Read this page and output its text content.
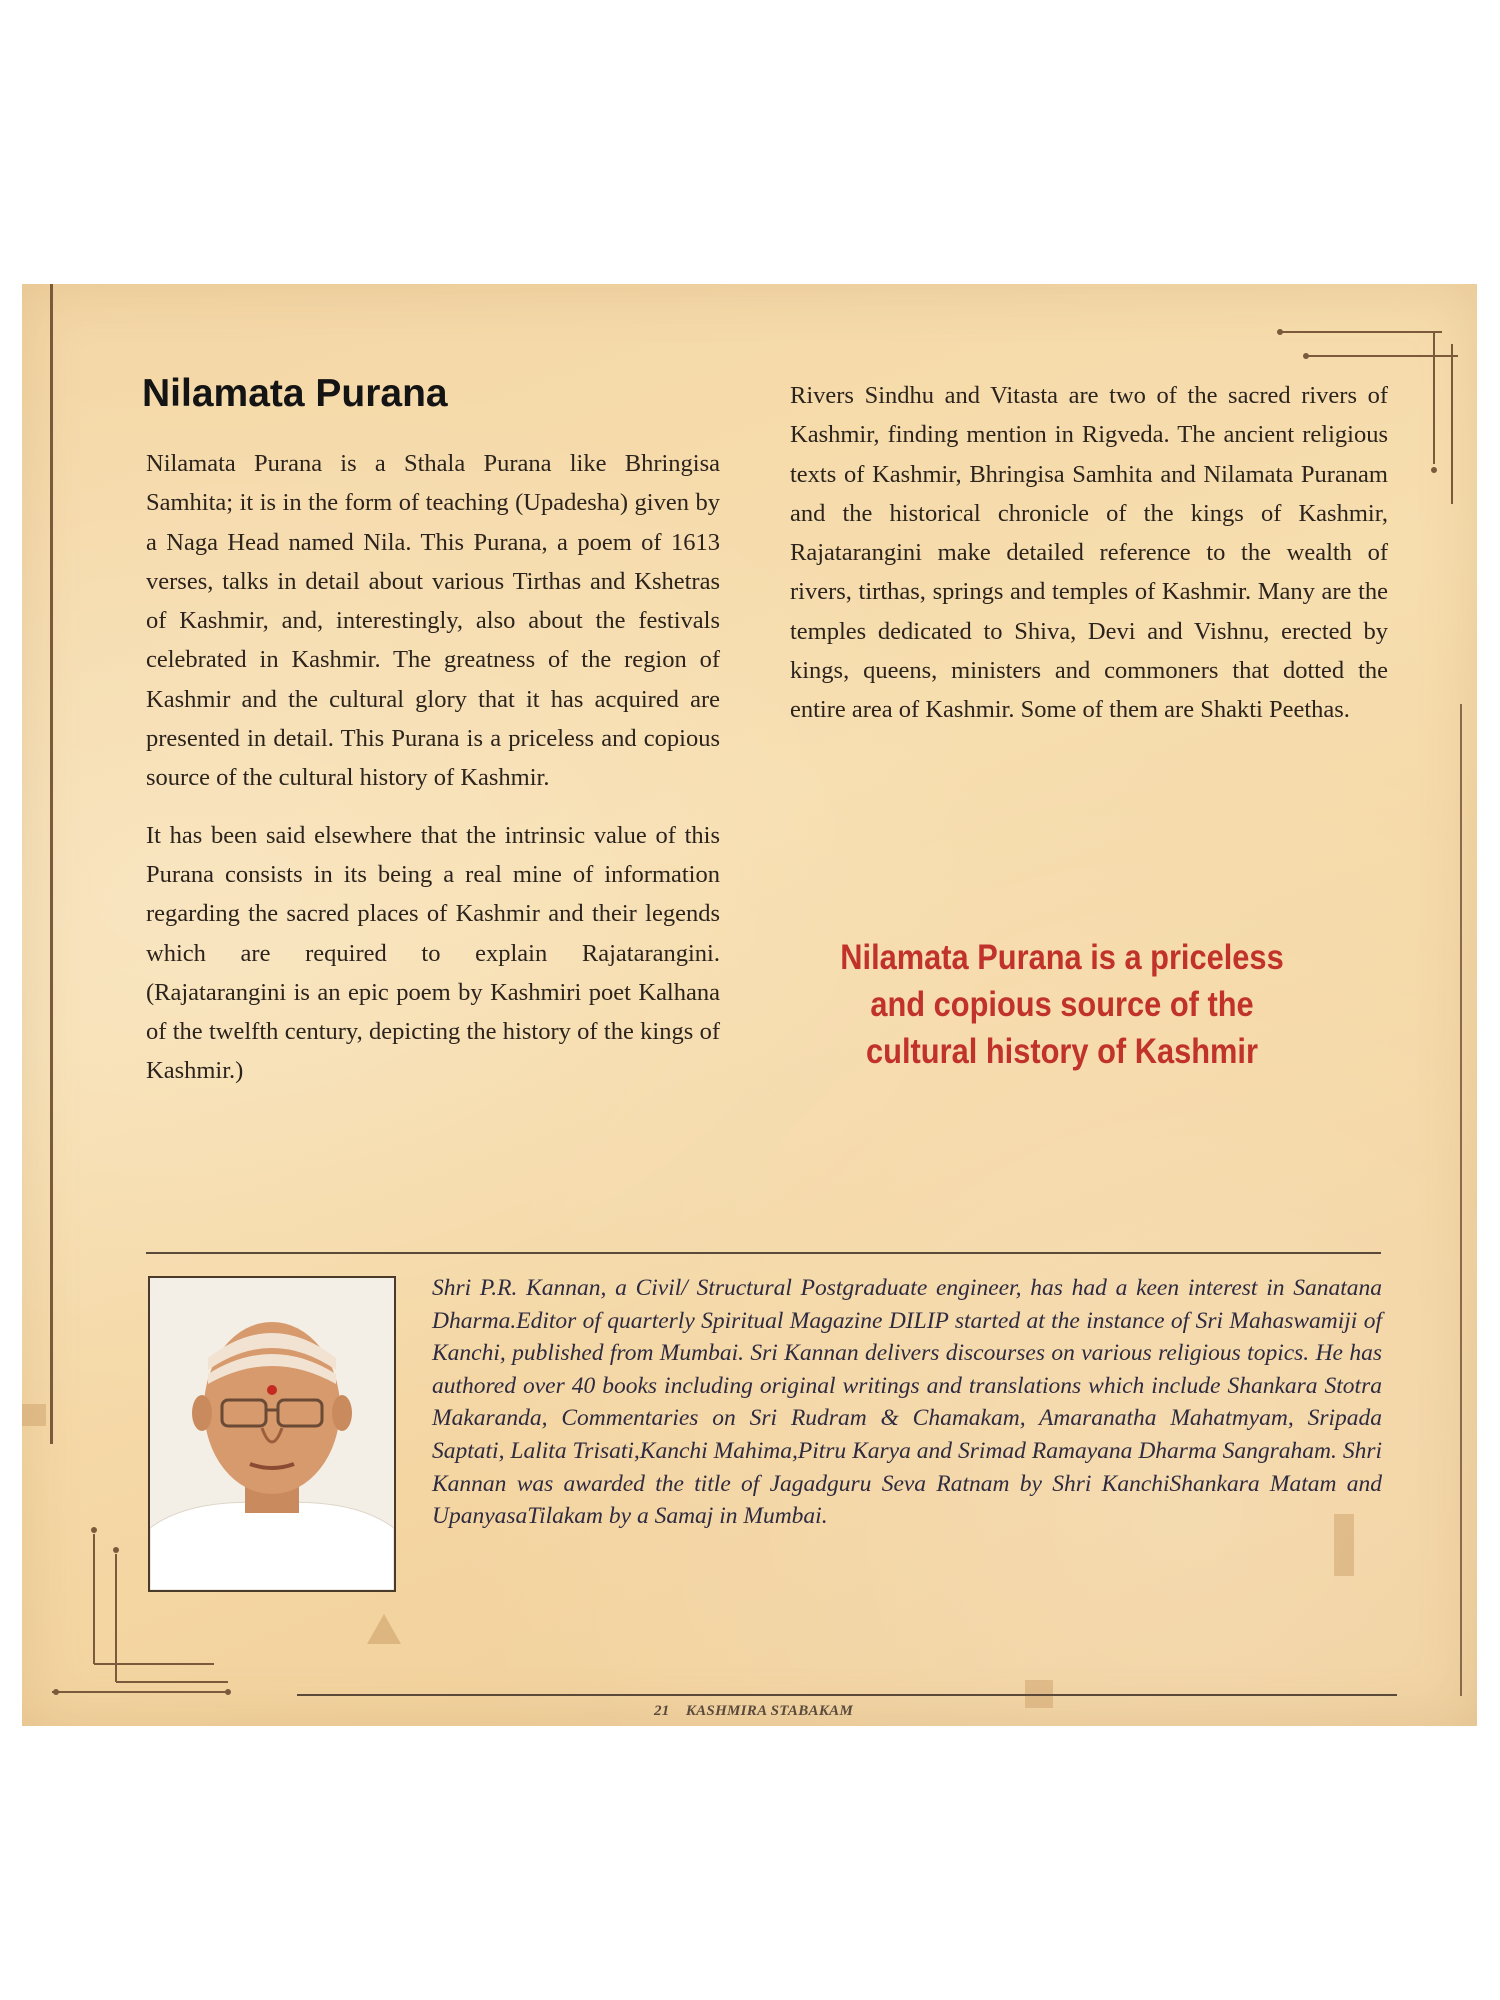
Nilamata Purana

Nilamata Purana is a Sthala Purana like Bhringisa Samhita; it is in the form of teaching (Upadesha) given by a Naga Head named Nila. This Purana, a poem of 1613 verses, talks in detail about various Tirthas and Kshetras of Kashmir, and, interestingly, also about the festivals celebrated in Kashmir. The greatness of the region of Kashmir and the cultural glory that it has acquired are presented in detail. This Purana is a priceless and copious source of the cultural history of Kashmir.

It has been said elsewhere that the intrinsic value of this Purana consists in its being a real mine of information regarding the sacred places of Kashmir and their legends which are required to explain Rajatarangini. (Rajatarangini is an epic poem by Kashmiri poet Kalhana of the twelfth century, depicting the history of the kings of Kashmir.)

Rivers Sindhu and Vitasta are two of the sacred rivers of Kashmir, finding mention in Rigveda. The ancient religious texts of Kashmir, Bhringisa Samhita and Nilamata Puranam and the historical chronicle of the kings of Kashmir, Rajatarangini make detailed reference to the wealth of rivers, tirthas, springs and temples of Kashmir. Many are the temples dedicated to Shiva, Devi and Vishnu, erected by kings, queens, ministers and commoners that dotted the entire area of Kashmir. Some of them are Shakti Peethas.

Nilamata Purana is a priceless and copious source of the cultural history of Kashmir

Shri P.R. Kannan, a Civil/ Structural Postgraduate engineer, has had a keen interest in Sanatana Dharma.Editor of quarterly Spiritual Magazine DILIP started at the instance of Sri Mahaswamiji of Kanchi, published from Mumbai. Sri Kannan delivers discourses on various religious topics. He has authored over 40 books including original writings and translations which include Shankara Stotra Makaranda, Commentaries on Sri Rudram & Chamakam, Amaranatha Mahatmyam, Sripada Saptati, Lalita Trisati,Kanchi Mahima,Pitru Karya and Srimad Ramayana Dharma Sangraham. Shri Kannan was awarded the title of Jagadguru Seva Ratnam by Shri KanchiShankara Matam and UpanyasaTilakam by a Samaj in Mumbai.

21 KASHMIRA STABAKAM
